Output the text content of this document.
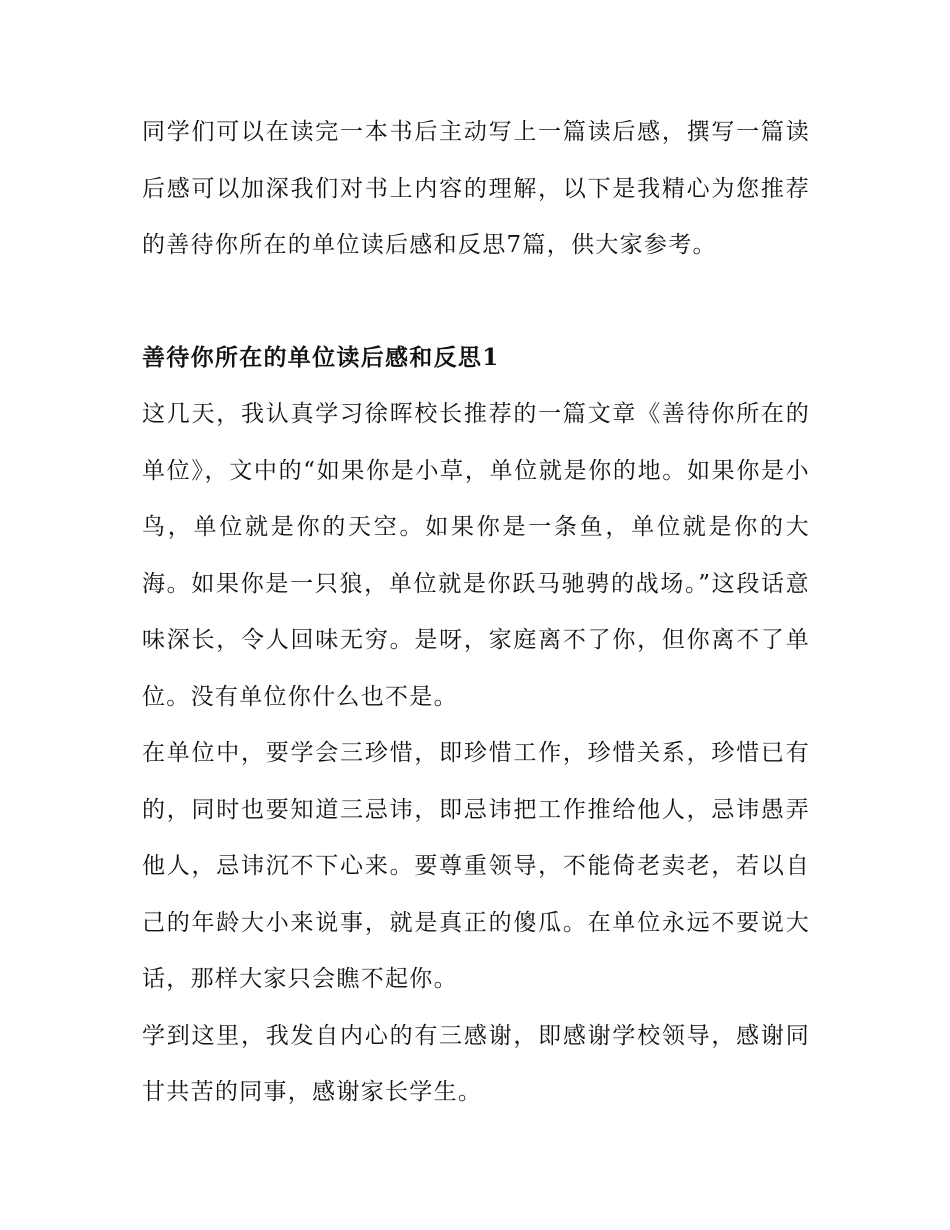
同学们可以在读完一本书后主动写上一篇读后感，撰写一篇读后感可以加深我们对书上内容的理解，以下是我精心为您推荐的善待你所在的单位读后感和反思7篇，供大家参考。

善待你所在的单位读后感和反思1

这几天，我认真学习徐晖校长推荐的一篇文章《善待你所在的单位》，文中的“如果你是小草，单位就是你的地。如果你是小鸟，单位就是你的天空。如果你是一条鱼，单位就是你的大海。如果你是一只狼，单位就是你跃马驰骋的战场。”这段话意味深长，令人回味无穷。是呀，家庭离不了你，但你离不了单位。没有单位你什么也不是。

在单位中，要学会三珍惜，即珍惜工作，珍惜关系，珍惜已有的，同时也要知道三忌讳，即忌讳把工作推给他人，忌讳愚弄他人，忌讳沉不下心来。要尊重领导，不能倚老卖老，若以自己的年龄大小来说事，就是真正的傻瓜。在单位永远不要说大话，那样大家只会瞧不起你。

学到这里，我发自内心的有三感谢，即感谢学校领导，感谢同甘共苦的同事，感谢家长学生。
